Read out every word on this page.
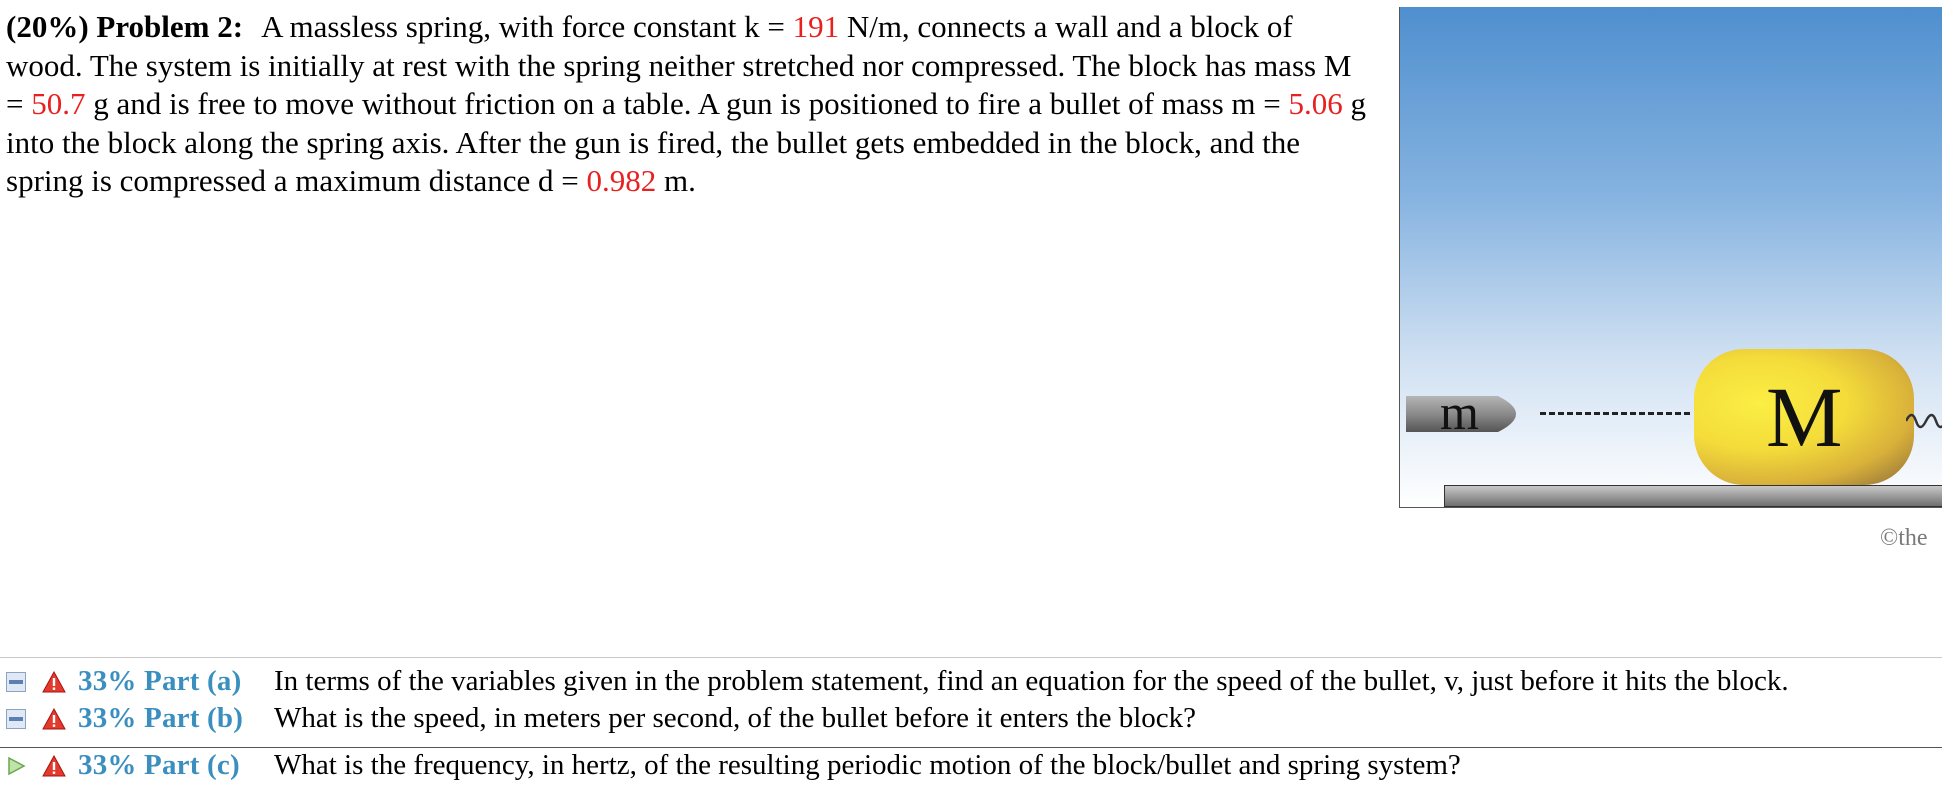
(20%) Problem 2: A massless spring, with force constant k = 191 N/m, connects a wall and a block of wood. The system is initially at rest with the spring neither stretched nor compressed. The block has mass M = 50.7 g and is free to move without friction on a table. A gun is positioned to fire a bullet of mass m = 5.06 g into the block along the spring axis. After the gun is fired, the bullet gets embedded in the block, and the spring is compressed a maximum distance d = 0.982 m.
m	M
©the
33% Part (a) In terms of the variables given in the problem statement, find an equation for the speed of the bullet, v, just before it hits the block.
33% Part (b) What is the speed, in meters per second, of the bullet before it enters the block?
33% Part (c) What is the frequency, in hertz, of the resulting periodic motion of the block/bullet and spring system?
